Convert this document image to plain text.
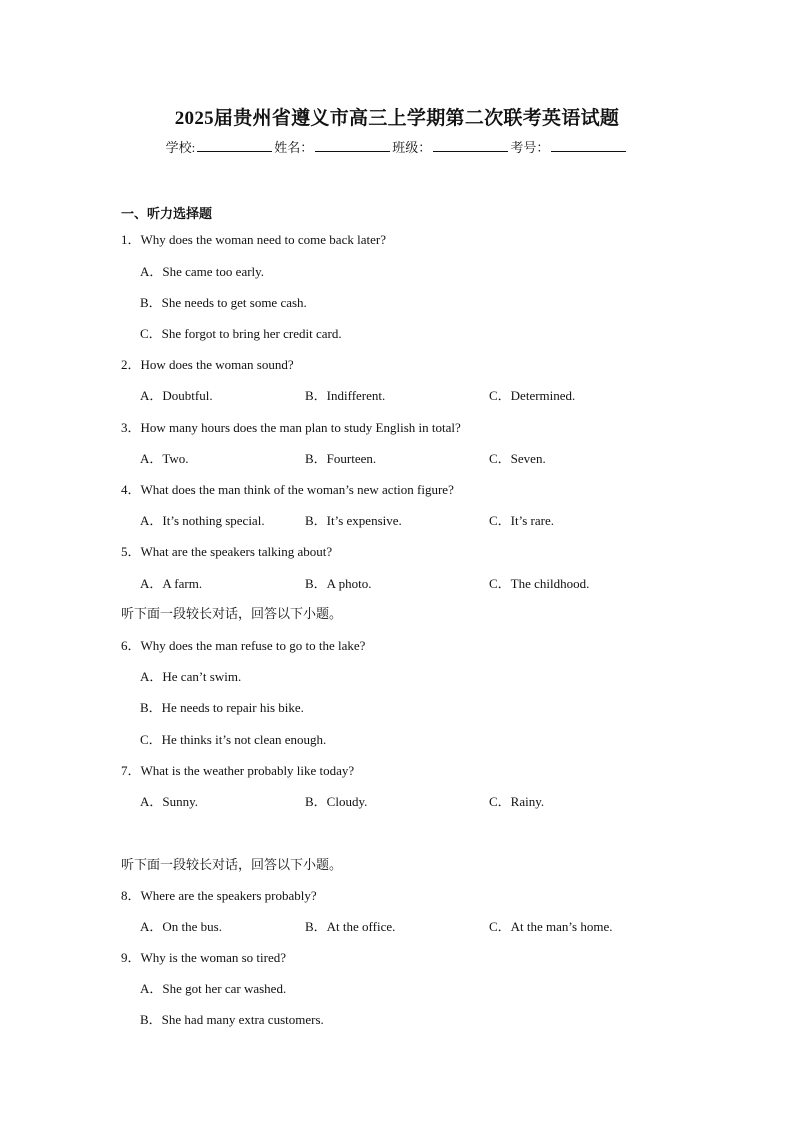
2025届贵州省遵义市高三上学期第二次联考英语试题
学校:	姓名：	班级：	考号：
一、听力选择题
1．Why does the woman need to come back later?
A．She came too early.
B．She needs to get some cash.
C．She forgot to bring her credit card.
2．How does the woman sound?
A．Doubtful.	B．Indifferent.	C．Determined.
3．How many hours does the man plan to study English in total?
A．Two.	B．Fourteen.	C．Seven.
4．What does the man think of the woman’s new action figure?
A．It’s nothing special.	B．It’s expensive.	C．It’s rare.
5．What are the speakers talking about?
A．A farm.	B．A photo.	C．The childhood.
听下面一段较长对话，回答以下小题。
6．Why does the man refuse to go to the lake?
A．He can’t swim.
B．He needs to repair his bike.
C．He thinks it’s not clean enough.
7．What is the weather probably like today?
A．Sunny.	B．Cloudy.	C．Rainy.
听下面一段较长对话，回答以下小题。
8．Where are the speakers probably?
A．On the bus.	B．At the office.	C．At the man’s home.
9．Why is the woman so tired?
A．She got her car washed.
B．She had many extra customers.
